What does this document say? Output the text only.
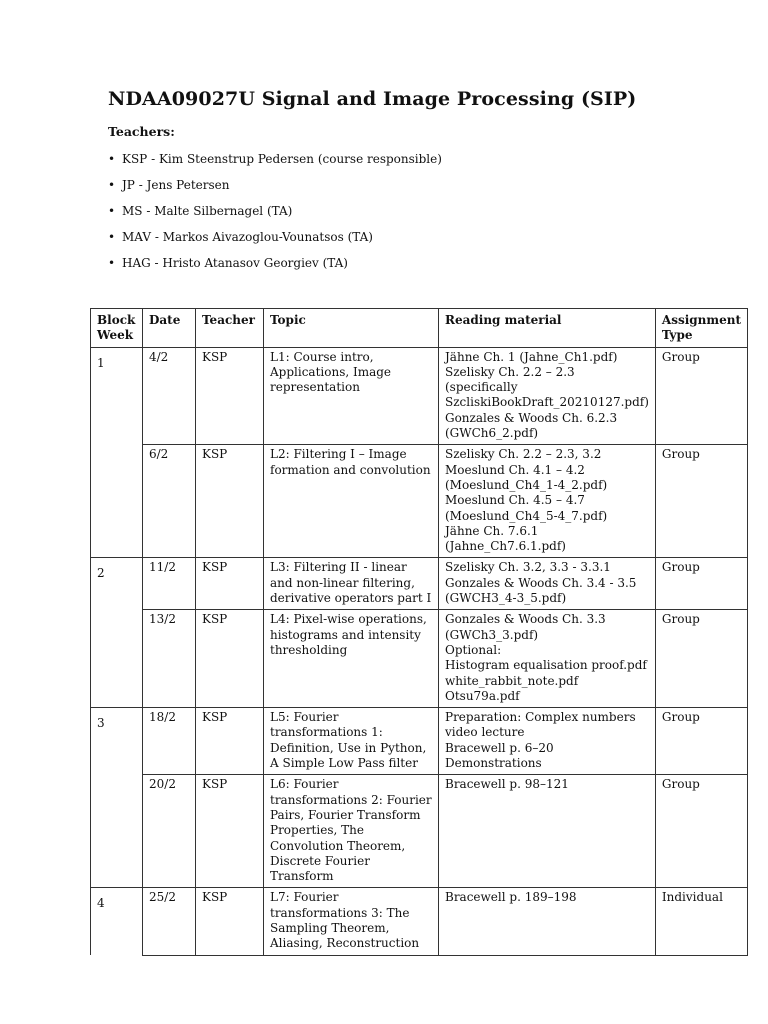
NDAA09027U Signal and Image Processing (SIP)
Teachers:
• KSP - Kim Steenstrup Pedersen (course responsible)
• JP - Jens Petersen
• MS - Malte Silbernagel (TA)
• MAV - Markos Aivazoglou-Vounatsos (TA)
• HAG - Hristo Atanasov Georgiev (TA)
Block
Week	Date	Teacher	Topic	Reading material	Assignment
Type

1	4/2	KSP	L1: Course intro, Applications, Image representation	Jähne Ch. 1 (Jahne_Ch1.pdf)
Szelisky Ch. 2.2 – 2.3 (specifically SzcliskiBookDraft_20210127.pdf)
Gonzales & Woods Ch. 6.2.3 (GWCh6_2.pdf)	Group
	6/2	KSP	L2: Filtering I – Image formation and convolution	Szelisky Ch. 2.2 – 2.3, 3.2
Moeslund Ch. 4.1 – 4.2 (Moeslund_Ch4_1-4_2.pdf)
Moeslund Ch. 4.5 – 4.7 (Moeslund_Ch4_5-4_7.pdf)
Jähne Ch. 7.6.1 (Jahne_Ch7.6.1.pdf)	Group

2	11/2	KSP	L3: Filtering II - linear and non-linear filtering, derivative operators part I	Szelisky Ch. 3.2, 3.3 - 3.3.1
Gonzales & Woods Ch. 3.4 - 3.5 (GWCH3_4-3_5.pdf)	Group
	13/2	KSP	L4: Pixel-wise operations, histograms and intensity thresholding	Gonzales & Woods Ch. 3.3 (GWCh3_3.pdf)
Optional:
Histogram equalisation proof.pdf
white_rabbit_note.pdf
Otsu79a.pdf	Group

3	18/2	KSP	L5: Fourier transformations 1: Definition, Use in Python, A Simple Low Pass filter	Preparation: Complex numbers video lecture
Bracewell p. 6–20
Demonstrations	Group
	20/2	KSP	L6: Fourier transformations 2: Fourier Pairs, Fourier Transform Properties, The Convolution Theorem, Discrete Fourier Transform	Bracewell p. 98–121	Group

4	25/2	KSP	L7: Fourier transformations 3: The Sampling Theorem, Aliasing, Reconstruction	Bracewell p. 189–198	Individual
